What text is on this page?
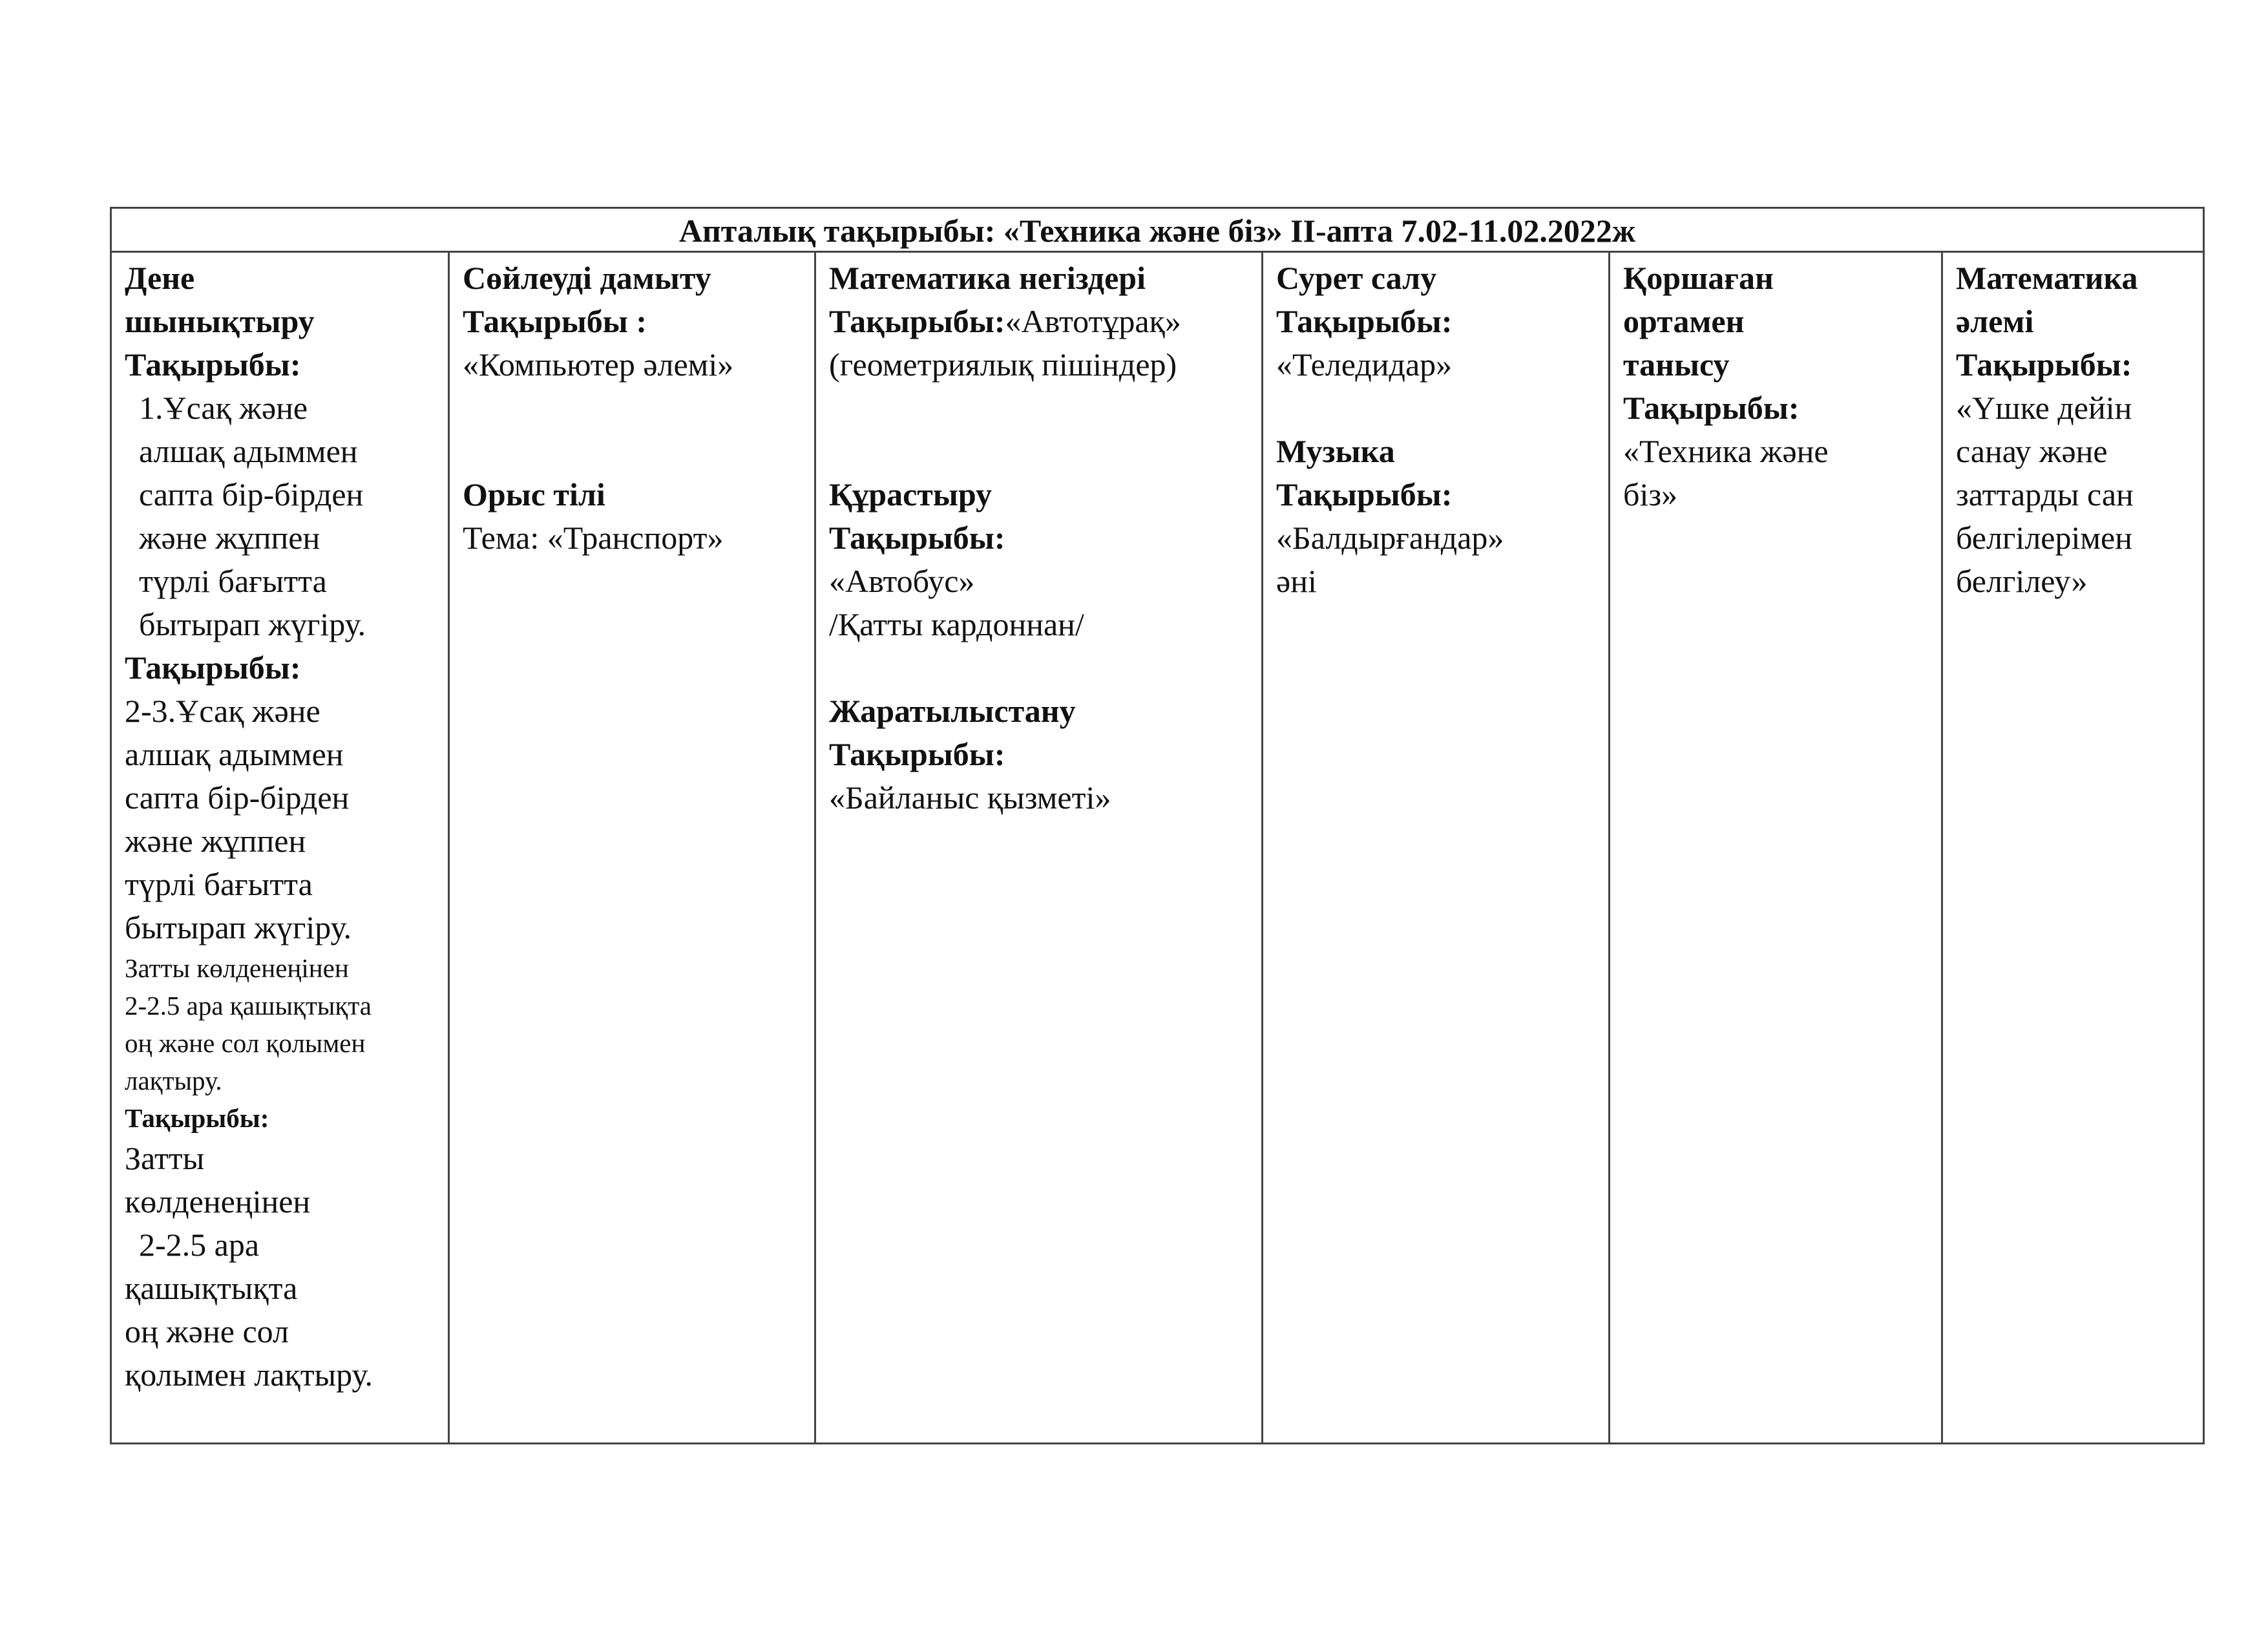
Апталық тақырыбы: «Техника және біз» ІІ-апта 7.02-11.02.2022ж
Дене
шынықтыру
Тақырыбы:
1.Ұсақ және
алшақ адыммен
сапта бір-бірден
және жұппен
түрлі бағытта
бытырап жүгіру.
Тақырыбы:
2-3.Ұсақ және
алшақ адыммен
сапта бір-бірден
және жұппен
түрлі бағытта
бытырап жүгіру.
Затты көлденеңінен
2-2.5 ара қашықтықта
оң және сол қолымен
лақтыру.
Тақырыбы:
Затты
көлденеңінен
2-2.5 ара
қашықтықта
оң және сол
қолымен лақтыру.
Сөйлеуді дамыту
Тақырыбы :
«Компьютер әлемі»
Орыс тілі
Тема: «Транспорт»
Математика негіздері
Тақырыбы:«Автотұрақ»
(геометриялық пішіндер)
Құрастыру
Тақырыбы:
«Автобус»
/Қатты кардоннан/
Жаратылыстану
Тақырыбы:
«Байланыс қызметі»
Сурет салу
Тақырыбы:
«Теледидар»
Музыка
Тақырыбы:
«Балдырғандар»
әні
Қоршаған
ортамен
танысу
Тақырыбы:
«Техника және
біз»
Математика
әлемі
Тақырыбы:
«Үшке дейін
санау және
заттарды сан
белгілерімен
белгілеу»
